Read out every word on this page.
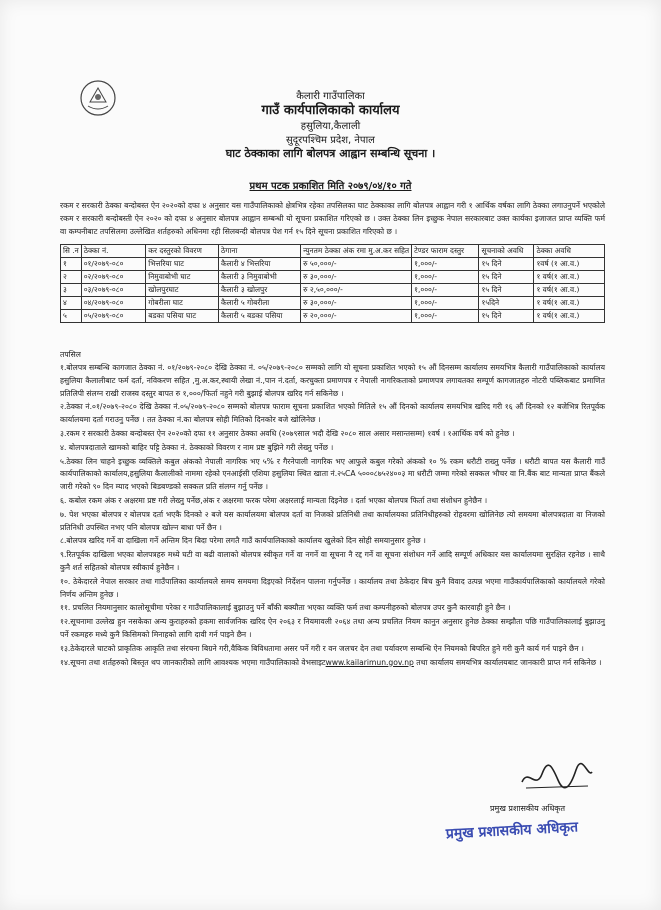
कैलारी गाउँपालिका
गाउँ कार्यपालिकाको कार्यालय
हसुलिया,कैलाली
सुदूरपश्चिम प्रदेश, नेपाल
घाट ठेक्काका लागि बोलपत्र आह्वान सम्बन्धि सूचना ।
प्रथम पटक प्रकाशित मिति २०७९/०४/१० गते
रकम र सरकारी ठेक्का बन्दोबस्त ऐन २०२०को दफा ४ अनुसार यस गाउँपालिकाको क्षेत्रभित्र रहेका तपसिलका घाट ठेक्काका लागि बोलपत्र आह्वान गरी १ आर्थिक वर्षका लागि ठेक्का लगाउनुपर्ने भएकोले रकम र सरकारी बन्दोबस्ती ऐन २०२० को दफा ४ अनुसार बोलपत्र आह्वान सम्बन्धी यो सूचना प्रकाशित गरिएको छ । उक्त ठेक्का लिन इच्छुक नेपाल सरकारबाट उक्त कार्यका इजाजत प्राप्त व्यक्ति फर्म वा कम्पनीबाट तपसिलमा उल्लेखित शर्तहरुको अधिनमा रही सिलबन्दी बोलपत्र पेश गर्न १५ दिने सूचना प्रकाशित गरिएको छ ।
सि .न	ठेक्का नं.	कर दस्तुरको विवरण	ठेगाना	न्युनतम ठेक्का अंक रमा मु.अ.कर सहित	टेण्डर फाराम दस्तुर	सूचनाको अवधि	ठेक्का अवधि
१	०१/२०७९-०८०	भित्तरिया घाट	कैलारी ४ भित्तरिया	रु ५०,०००/-	१,०००/-	१५ दिने	१वर्ष (१ आ.व.)
२	०२/२०७९-०८०	निमुवाबोभी घाट	कैलारी ३ निमुवाबोभी	रु ३०,०००/-	१,०००/-	१५ दिने	१ वर्ष(१ आ.व.)
३	०३/२०७९-०८०	खोलपुरघाट	कैलारी ३ खोलपुर	रु २,५०,०००/-	१,०००/-	१५ दिने	१ वर्ष(१ आ.व.)
४	०४/२०७९-०८०	गोबरीला घाट	कैलारी ५ गोबरीला	रु ३०,०००/-	१,०००/-	१५दिने	१ वर्ष(१ आ.व.)
५	०५/२०७९-०८०	बडका पसिया घाट	कैलारी ५ बडका पसिया	रु २०,०००/-	१,०००/-	१५ दिने	१ वर्ष(१ आ.व.)
तपसिल

१.बोलपत्र सम्बन्धि कागजात ठेक्का नं. ०१/२०७९-२०८० देखि ठेक्का नं. ०५/२०७९-२०८० सम्मको लागि यो सूचना प्रकाशित भएको १५ औं दिनसम्म कार्यालय समयभित्र कैलारी गाउँपालिकाको कार्यालय हसुलिया कैलालीबाट फर्म दर्ता, नविकरण सहित ,मु.अ.कर,स्थायी लेखा नं.,पान नं.दर्ता, करचुक्ता प्रमाणपत्र र नेपाली नागरिकताको प्रमाणपत्र लगायतका सम्पूर्ण कागजातहरु नोटरी पब्लिकबाट प्रमाणित प्रतिलिपी संलग्न राखी राजस्व दस्तुर बापत रु १,०००/फिर्ता नहुने गरी बुझाई बोलपत्र खरिद गर्न सकिनेछ ।

२.ठेक्का नं.०१/२०७९-२०८० देखि ठेक्का नं.०५/२०७९-२०८० सम्मको बोलपत्र फाराम सूचना प्रकाशित भएको मितिले १५ औं दिनको कार्यालय समयभित्र खरिद गरी १६ औं दिनको १२ बजेभित्र रितपूर्वक कार्यालयमा दर्ता गराउनु पर्नेछ । तत ठेक्का नं.का बोलपत्र सोही मितिको दिनकोर बजे खोलिनेछ ।

३.रकम र सरकारी ठेक्का बन्दोबस्त ऐन २०२०को दफा ११ अनुसार ठेक्का अवधि (२०७९साल भदौ देखि २०८० साल असार मसान्तसम्म) १वर्ष । १आर्थिक वर्ष को हुनेछ ।

४. बोलपत्रदाताले खामको बाहिर पट्टि ठेक्का नं. ठेक्काको विवरण र नाम प्रष्ट बुझिने गरी लेख्नु पर्नेछ ।

५.ठेक्का लिन चाहने इच्छुक व्यक्तिले कबुल अंकको नेपाली नागरिक भए ५% र गैरनेपाली नागरिक भए आफुले कबुल गरेको अंकको १० % रकम धरौटी राख्नु पर्नेछ । धरौटी बापत यस कैलारी गाउँ कार्यपालिकाको कार्यालय,हसुलिया कैलालीको नाममा रहेको एनआईसी एशिया हसुलिया स्थित खाता नं.२५CA ५०००८७५२४००३ मा धरौटी जम्मा गरेको सक्कल भौचर वा नि.बैंक बाट मान्यता प्राप्त बैंकले जारी गरेको ९० दिन म्याद भएको बिडबण्डको सक्कल प्रति संलग्न गर्नु पर्नेछ ।

६. कबोल रकम अंक र अक्षरमा प्रष्ट गरी लेख्नु पर्नेछ,अंक र अक्षरमा फरक परेमा अक्षरलाई मान्यता दिइनेछ । दर्ता भएका बोलपत्र फिर्ता तथा संशोधन हुनेछैन ।

७. पेश भएका बोलपत्र र बोलपत्र दर्ता भएकै दिनको २ बजे यस कार्यालयमा बोलपत्र दर्ता वा निजको प्रतिनिधी तथा कार्यालयका प्रतिनिधीहरुको रोहवरमा खोलिनेछ त्यो समयमा बोलपत्रदाता वा निजको प्रतिनिधी उपस्थित नभए पनि बोलपत्र खोल्न बाधा पर्ने छैन ।

८.बोलपत्र खरिद गर्ने वा दाखिला गर्ने अन्तिम दिन बिदा परेमा लगतै गाउँ कार्यपालिकाको कार्यालय खुलेको दिन सोही समयानुसार हुनेछ ।

९.रितपूर्वक दाखिला भएका बोलपत्रहरु मध्ये घटी वा बढी वालाको बोलपत्र स्वीकृत गर्ने वा नगर्ने वा सूचना नै रद्द गर्ने वा सूचना संशोधन गर्ने आदि सम्पूर्ण अधिकार यस कार्यालयमा सुरक्षित रहनेछ । साथै कुनै शर्त सहितको बोलपत्र स्वीकार्य हुनेछैन ।

१०. ठेकेदारले नेपाल सरकार तथा गाउँपालिका कार्यालयले समय समयमा दिइएको निर्देशन पालना गर्नुपर्नेछ । कार्यालय तथा ठेकेदार बिच कुनै विवाद उत्पन्न भएमा गाउँकार्यपालिकाको कार्यालयले गरेको निर्णय अन्तिम हुनेछ ।

११. प्रचलित नियमानुसार कालोसूचीमा परेका र गाउँपालिकालाई बुझाउनु पर्ने बाँकी बक्यौता भएका व्यक्ति फर्म तथा कम्पनीहरुको बोलपत्र उपर कुनै कारवाही हुने छैन ।

१२.सूचनामा उल्लेख हुन नसकेका अन्य कुराहरुको हकमा सार्वजनिक खरिद ऐन २०६३ र नियमावली २०६४ तथा अन्य प्रचलित नियम कानुन अनुसार हुनेछ ठेक्का सम्झौता पछि गाउँपालिकालाई बुझाउनु पर्ने रकमहरु मध्ये कुनै किसिमको मिनाहको लागि दावी गर्न पाइने छैन ।

१३.ठेकेदारले घाटको प्राकृतिक आकृति तथा संरचना बिग्रने गरी,वैकिक बिविधतामा असर पर्ने गरी र वन जलचर देन तथा पर्यावरण सम्बन्धि ऐन नियमको बिपरित हुने गरी कुनै कार्य गर्न पाइने छैन ।

१४.सूचना तथा शर्तहरुको बिस्तृत थप जानकारीको लागि आवश्यक भएमा गाउँपालिकाको वेभसाइटwww.kailarimun.gov.np तथा कार्यालय समयभित्र कार्यालयबाट जानकारी प्राप्त गर्न सकिनेछ ।

प्रमुख प्रशासकीय अधिकृत
प्रमुख प्रशासकीय अधिकृत
